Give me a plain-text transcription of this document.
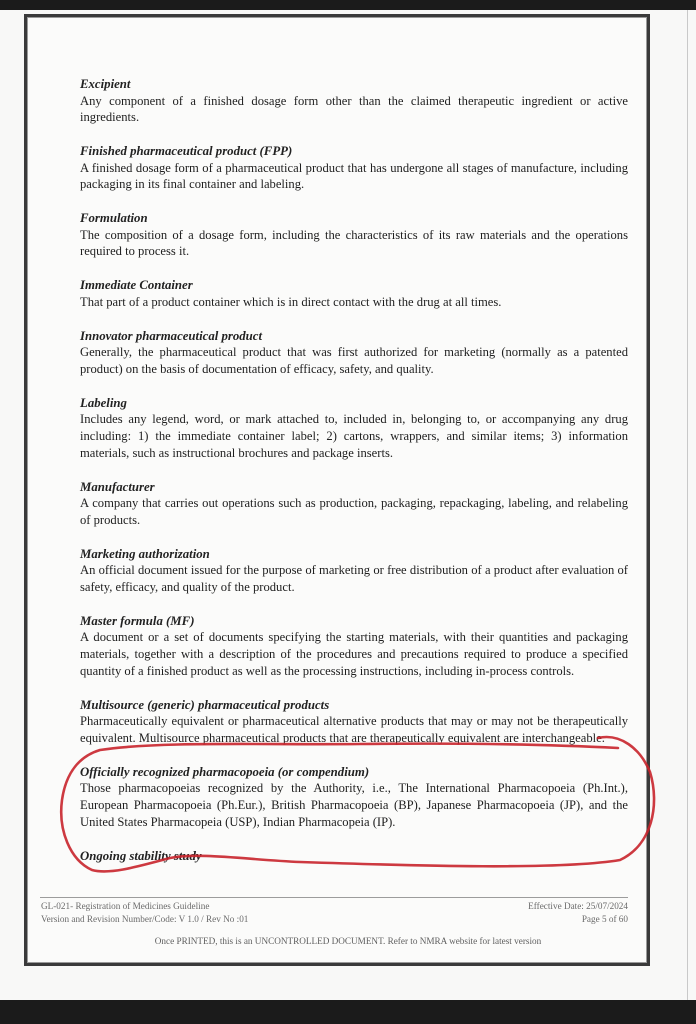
Excipient
Any component of a finished dosage form other than the claimed therapeutic ingredient or active ingredients.
Finished pharmaceutical product (FPP)
A finished dosage form of a pharmaceutical product that has undergone all stages of manufacture, including packaging in its final container and labeling.
Formulation
The composition of a dosage form, including the characteristics of its raw materials and the operations required to process it.
Immediate Container
That part of a product container which is in direct contact with the drug at all times.
Innovator pharmaceutical product
Generally, the pharmaceutical product that was first authorized for marketing (normally as a patented product) on the basis of documentation of efficacy, safety, and quality.
Labeling
Includes any legend, word, or mark attached to, included in, belonging to, or accompanying any drug including: 1) the immediate container label; 2) cartons, wrappers, and similar items; 3) information materials, such as instructional brochures and package inserts.
Manufacturer
A company that carries out operations such as production, packaging, repackaging, labeling, and relabeling of products.
Marketing authorization
An official document issued for the purpose of marketing or free distribution of a product after evaluation of safety, efficacy, and quality of the product.
Master formula (MF)
A document or a set of documents specifying the starting materials, with their quantities and packaging materials, together with a description of the procedures and precautions required to produce a specified quantity of a finished product as well as the processing instructions, including in-process controls.
Multisource (generic) pharmaceutical products
Pharmaceutically equivalent or pharmaceutical alternative products that may or may not be therapeutically equivalent. Multisource pharmaceutical products that are therapeutically equivalent are interchangeable.
Officially recognized pharmacopoeia (or compendium)
Those pharmacopoeias recognized by the Authority, i.e., The International Pharmacopoeia (Ph.Int.), European Pharmacopoeia (Ph.Eur.), British Pharmacopoeia (BP), Japanese Pharmacopoeia (JP), and the United States Pharmacopeia (USP), Indian Pharmacopeia (IP).
Ongoing stability study
GL-021- Registration of Medicines Guideline
Version and Revision Number/Code: V 1.0 / Rev No :01
Effective Date: 25/07/2024
Page 5 of 60
Once PRINTED, this is an UNCONTROLLED DOCUMENT. Refer to NMRA website for latest version
